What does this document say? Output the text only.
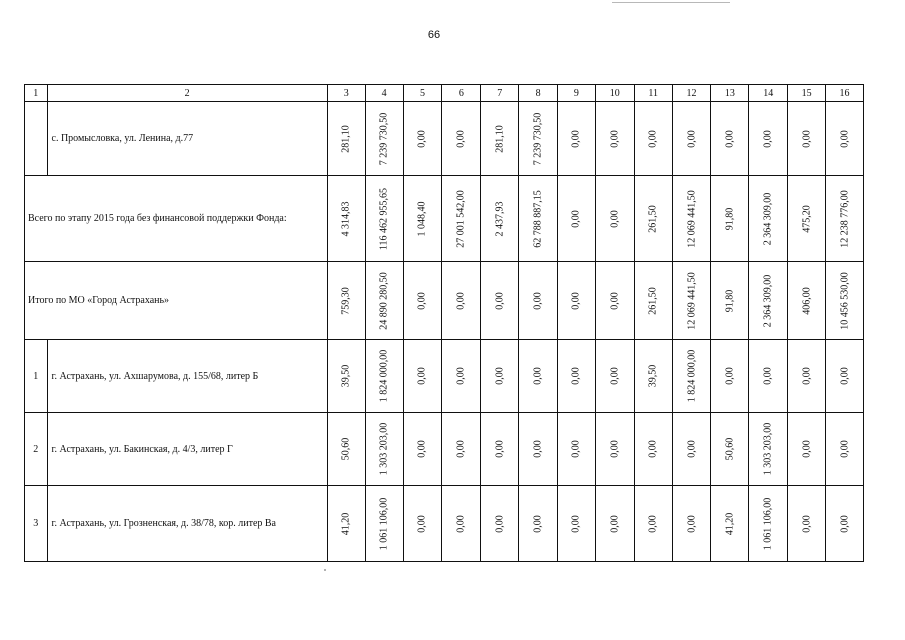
66
1	2	3	4	5	6	7	8	9	10	11	12	13	14	15	16
	с. Промысловка, ул. Ленина, д.77	281,10	7 239 730,50	0,00	0,00	281,10	7 239 730,50	0,00	0,00	0,00	0,00	0,00	0,00	0,00	0,00

Всего по этапу 2015 года без финансовой поддержки Фонда:		4 314,83	116 462 955,65	1 048,40	27 001 542,00	2 437,93	62 788 887,15	0,00	0,00	261,50	12 069 441,50	91,80	2 364 309,00	475,20	12 238 776,00

Итого по МО «Город Астрахань»		759,30	24 890 280,50	0,00	0,00	0,00	0,00	0,00	0,00	261,50	12 069 441,50	91,80	2 364 309,00	406,00	10 456 530,00

1	г. Астрахань, ул. Ахшарумова, д. 155/68, литер Б	39,50	1 824 000,00	0,00	0,00	0,00	0,00	0,00	0,00	39,50	1 824 000,00	0,00	0,00	0,00	0,00

2	г. Астрахань, ул. Бакинская, д. 4/3, литер Г	50,60	1 303 203,00	0,00	0,00	0,00	0,00	0,00	0,00	0,00	0,00	50,60	1 303 203,00	0,00	0,00

3	г. Астрахань, ул. Грозненская, д. 38/78, кор. литер Ва	41,20	1 061 106,00	0,00	0,00	0,00	0,00	0,00	0,00	0,00	0,00	41,20	1 061 106,00	0,00	0,00
